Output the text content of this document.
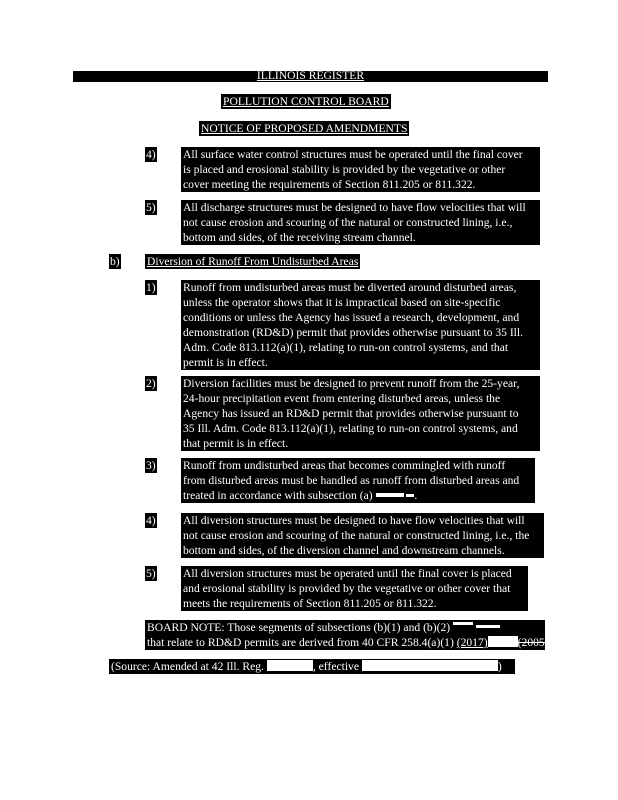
ILLINOIS REGISTER
POLLUTION CONTROL BOARD
NOTICE OF PROPOSED AMENDMENTS
4) All surface water control structures must be operated until the final cover
is placed and erosional stability is provided by the vegetative or other
cover meeting the requirements of Section 811.205 or 811.322.
5) All discharge structures must be designed to have flow velocities that will
not cause erosion and scouring of the natural or constructed lining, i.e.,
bottom and sides, of the receiving stream channel.
b) Diversion of Runoff From Undisturbed Areas
1) Runoff from undisturbed areas must be diverted around disturbed areas,
unless the operator shows that it is impractical based on site-specific
conditions or unless the Agency has issued a research, development, and
demonstration (RD&D) permit that provides otherwise pursuant to 35 Ill.
Adm. Code 813.112(a)(1), relating to run-on control systems, and that
permit is in effect.
2) Diversion facilities must be designed to prevent runoff from the 25-year,
24-hour precipitation event from entering disturbed areas, unless the
Agency has issued an RD&D permit that provides otherwise pursuant to
35 Ill. Adm. Code 813.112(a)(1), relating to run-on control systems, and
that permit is in effect.
3) Runoff from undisturbed areas that becomes commingled with runoff
from disturbed areas must be handled as runoff from disturbed areas and
treated in accordance with subsection (a)	.
4) All diversion structures must be designed to have flow velocities that will
not cause erosion and scouring of the natural or constructed lining, i.e., the
bottom and sides, of the diversion channel and downstream channels.
5) All diversion structures must be operated until the final cover is placed
and erosional stability is provided by the vegetative or other cover that
meets the requirements of Section 811.205 or 811.322.
BOARD NOTE: Those segments of subsections (b)(1) and (b)(2)
that relate to RD&D permits are derived from 40 CFR 258.4(a)(1) (2017)	(2005)
(Source: Amended at 42 Ill. Reg.	, effective	)
